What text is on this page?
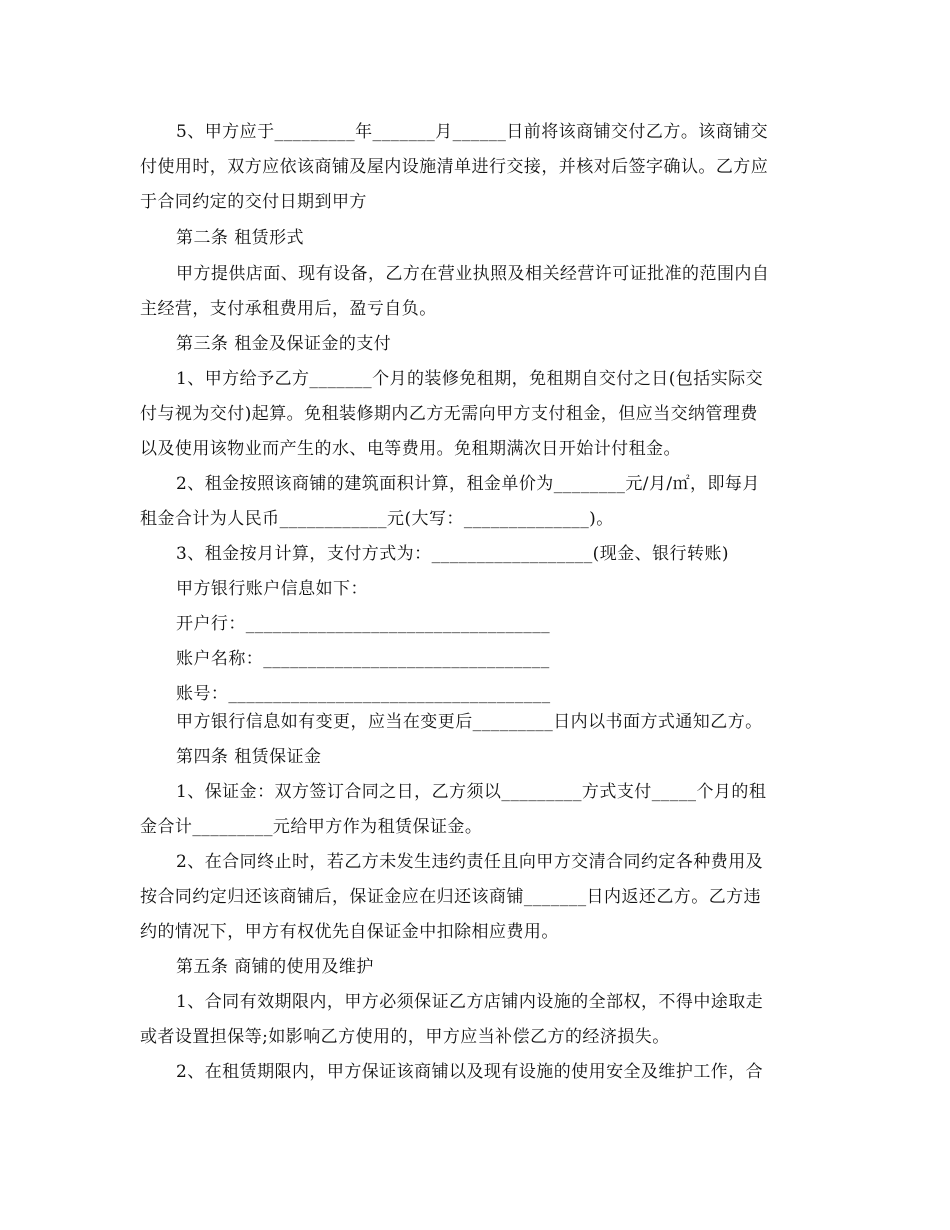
5、甲方应于_________年_______月______日前将该商铺交付乙方。该商铺交
付使用时，双方应依该商铺及屋内设施清单进行交接，并核对后签字确认。乙方应
于合同约定的交付日期到甲方
第二条 租赁形式
甲方提供店面、现有设备，乙方在营业执照及相关经营许可证批准的范围内自
主经营，支付承租费用后，盈亏自负。
第三条 租金及保证金的支付
1、甲方给予乙方_______个月的装修免租期，免租期自交付之日(包括实际交
付与视为交付)起算。免租装修期内乙方无需向甲方支付租金，但应当交纳管理费
以及使用该物业而产生的水、电等费用。免租期满次日开始计付租金。
2、租金按照该商铺的建筑面积计算，租金单价为________元/月/㎡，即每月
租金合计为人民币____________元(大写：______________)。
3、租金按月计算，支付方式为：__________________(现金、银行转账)
甲方银行账户信息如下：
开户行：__________________________________
账户名称：________________________________
账号：____________________________________
甲方银行信息如有变更，应当在变更后_________日内以书面方式通知乙方。
第四条 租赁保证金
1、保证金：双方签订合同之日，乙方须以_________方式支付_____个月的租
金合计_________元给甲方作为租赁保证金。
2、在合同终止时，若乙方未发生违约责任且向甲方交清合同约定各种费用及
按合同约定归还该商铺后，保证金应在归还该商铺_______日内返还乙方。乙方违
约的情况下，甲方有权优先自保证金中扣除相应费用。
第五条 商铺的使用及维护
1、合同有效期限内，甲方必须保证乙方店铺内设施的全部权，不得中途取走
或者设置担保等;如影响乙方使用的，甲方应当补偿乙方的经济损失。
2、在租赁期限内，甲方保证该商铺以及现有设施的使用安全及维护工作，合
